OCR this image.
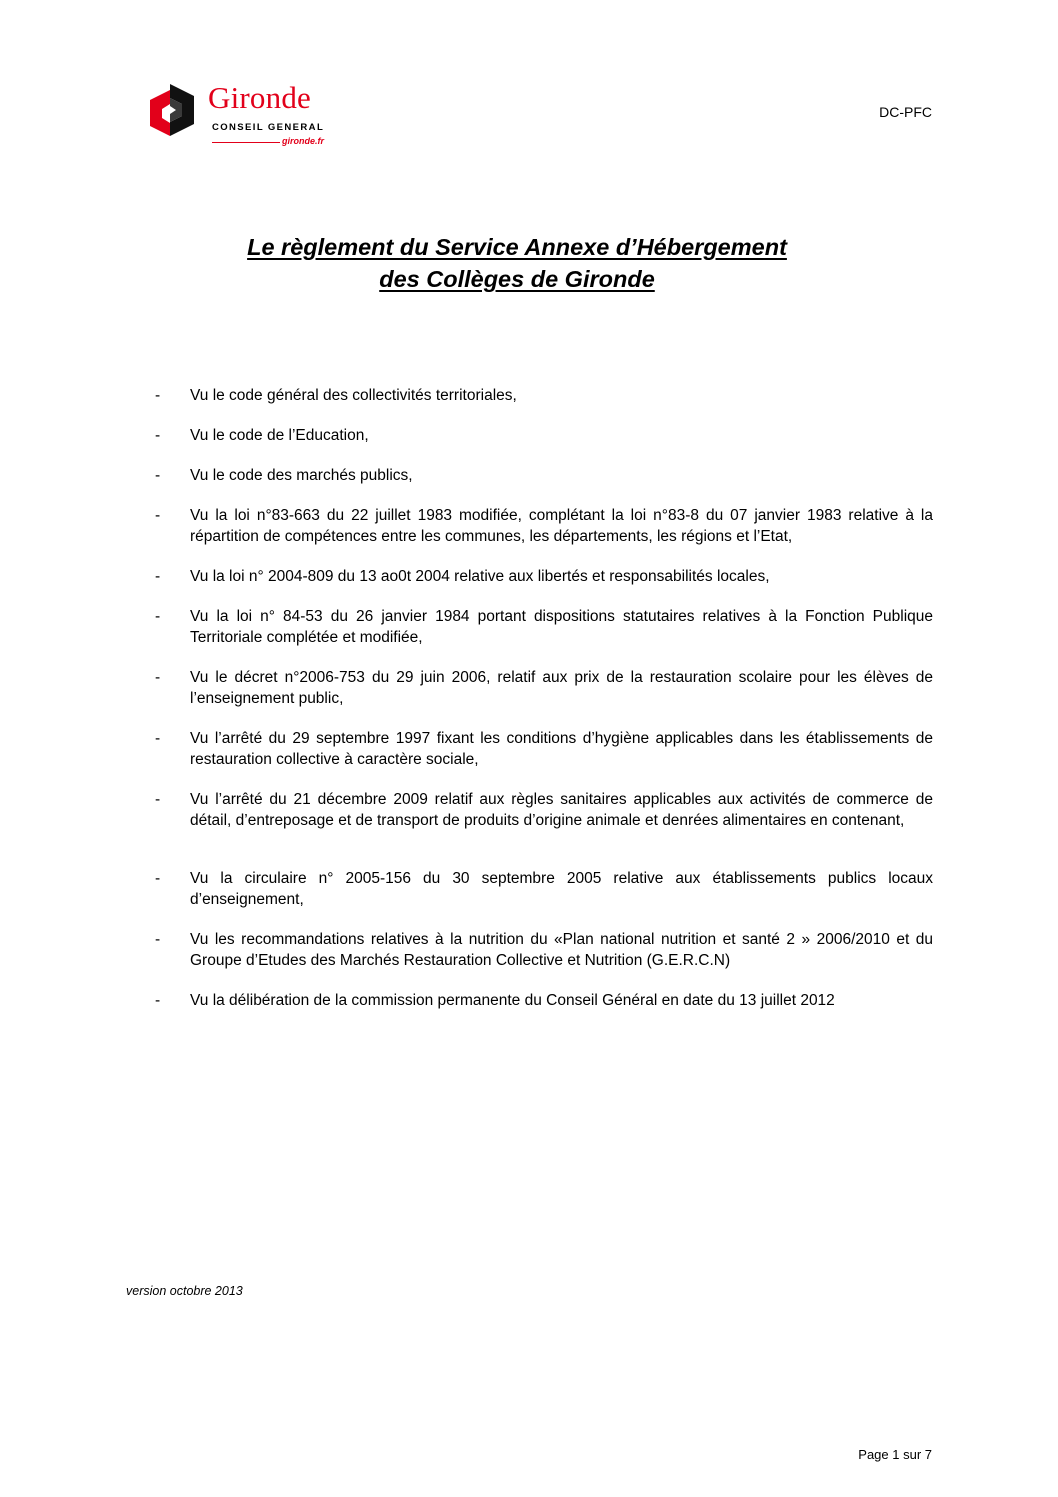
Gironde
CONSEIL GENERAL
gironde.fr
DC-PFC
Le règlement du Service Annexe d’Hébergement
des Collèges de Gironde
- Vu le code général des collectivités territoriales,
- Vu le code de l’Education,
- Vu le code des marchés publics,
- Vu la loi n°83-663 du 22 juillet 1983 modifiée, complétant la loi n°83-8 du 07 janvier 1983 relative à la répartition de compétences entre les communes, les départements, les régions et l’Etat,
- Vu la loi n° 2004-809 du 13 ao0t 2004 relative aux libertés et responsabilités locales,
- Vu la loi n° 84-53 du 26 janvier 1984 portant dispositions statutaires relatives à la Fonction Publique Territoriale complétée et modifiée,
- Vu le décret n°2006-753 du 29 juin 2006, relatif aux prix de la restauration scolaire pour les élèves de l’enseignement public,
- Vu l’arrêté du 29 septembre 1997 fixant les conditions d’hygiène applicables dans les établissements de restauration collective à caractère sociale,
- Vu l’arrêté du 21 décembre 2009 relatif aux règles sanitaires applicables aux activités de commerce de détail, d’entreposage et de transport de produits d’origine animale et denrées alimentaires en contenant,
- Vu la circulaire n° 2005-156 du 30 septembre 2005 relative aux établissements publics locaux d’enseignement,
- Vu les recommandations relatives à la nutrition du «Plan national nutrition et santé 2 » 2006/2010 et du Groupe d’Etudes des Marchés Restauration Collective et Nutrition (G.E.R.C.N)
- Vu la délibération de la commission permanente du Conseil Général en date du 13 juillet 2012
version octobre 2013
Page 1 sur 7
